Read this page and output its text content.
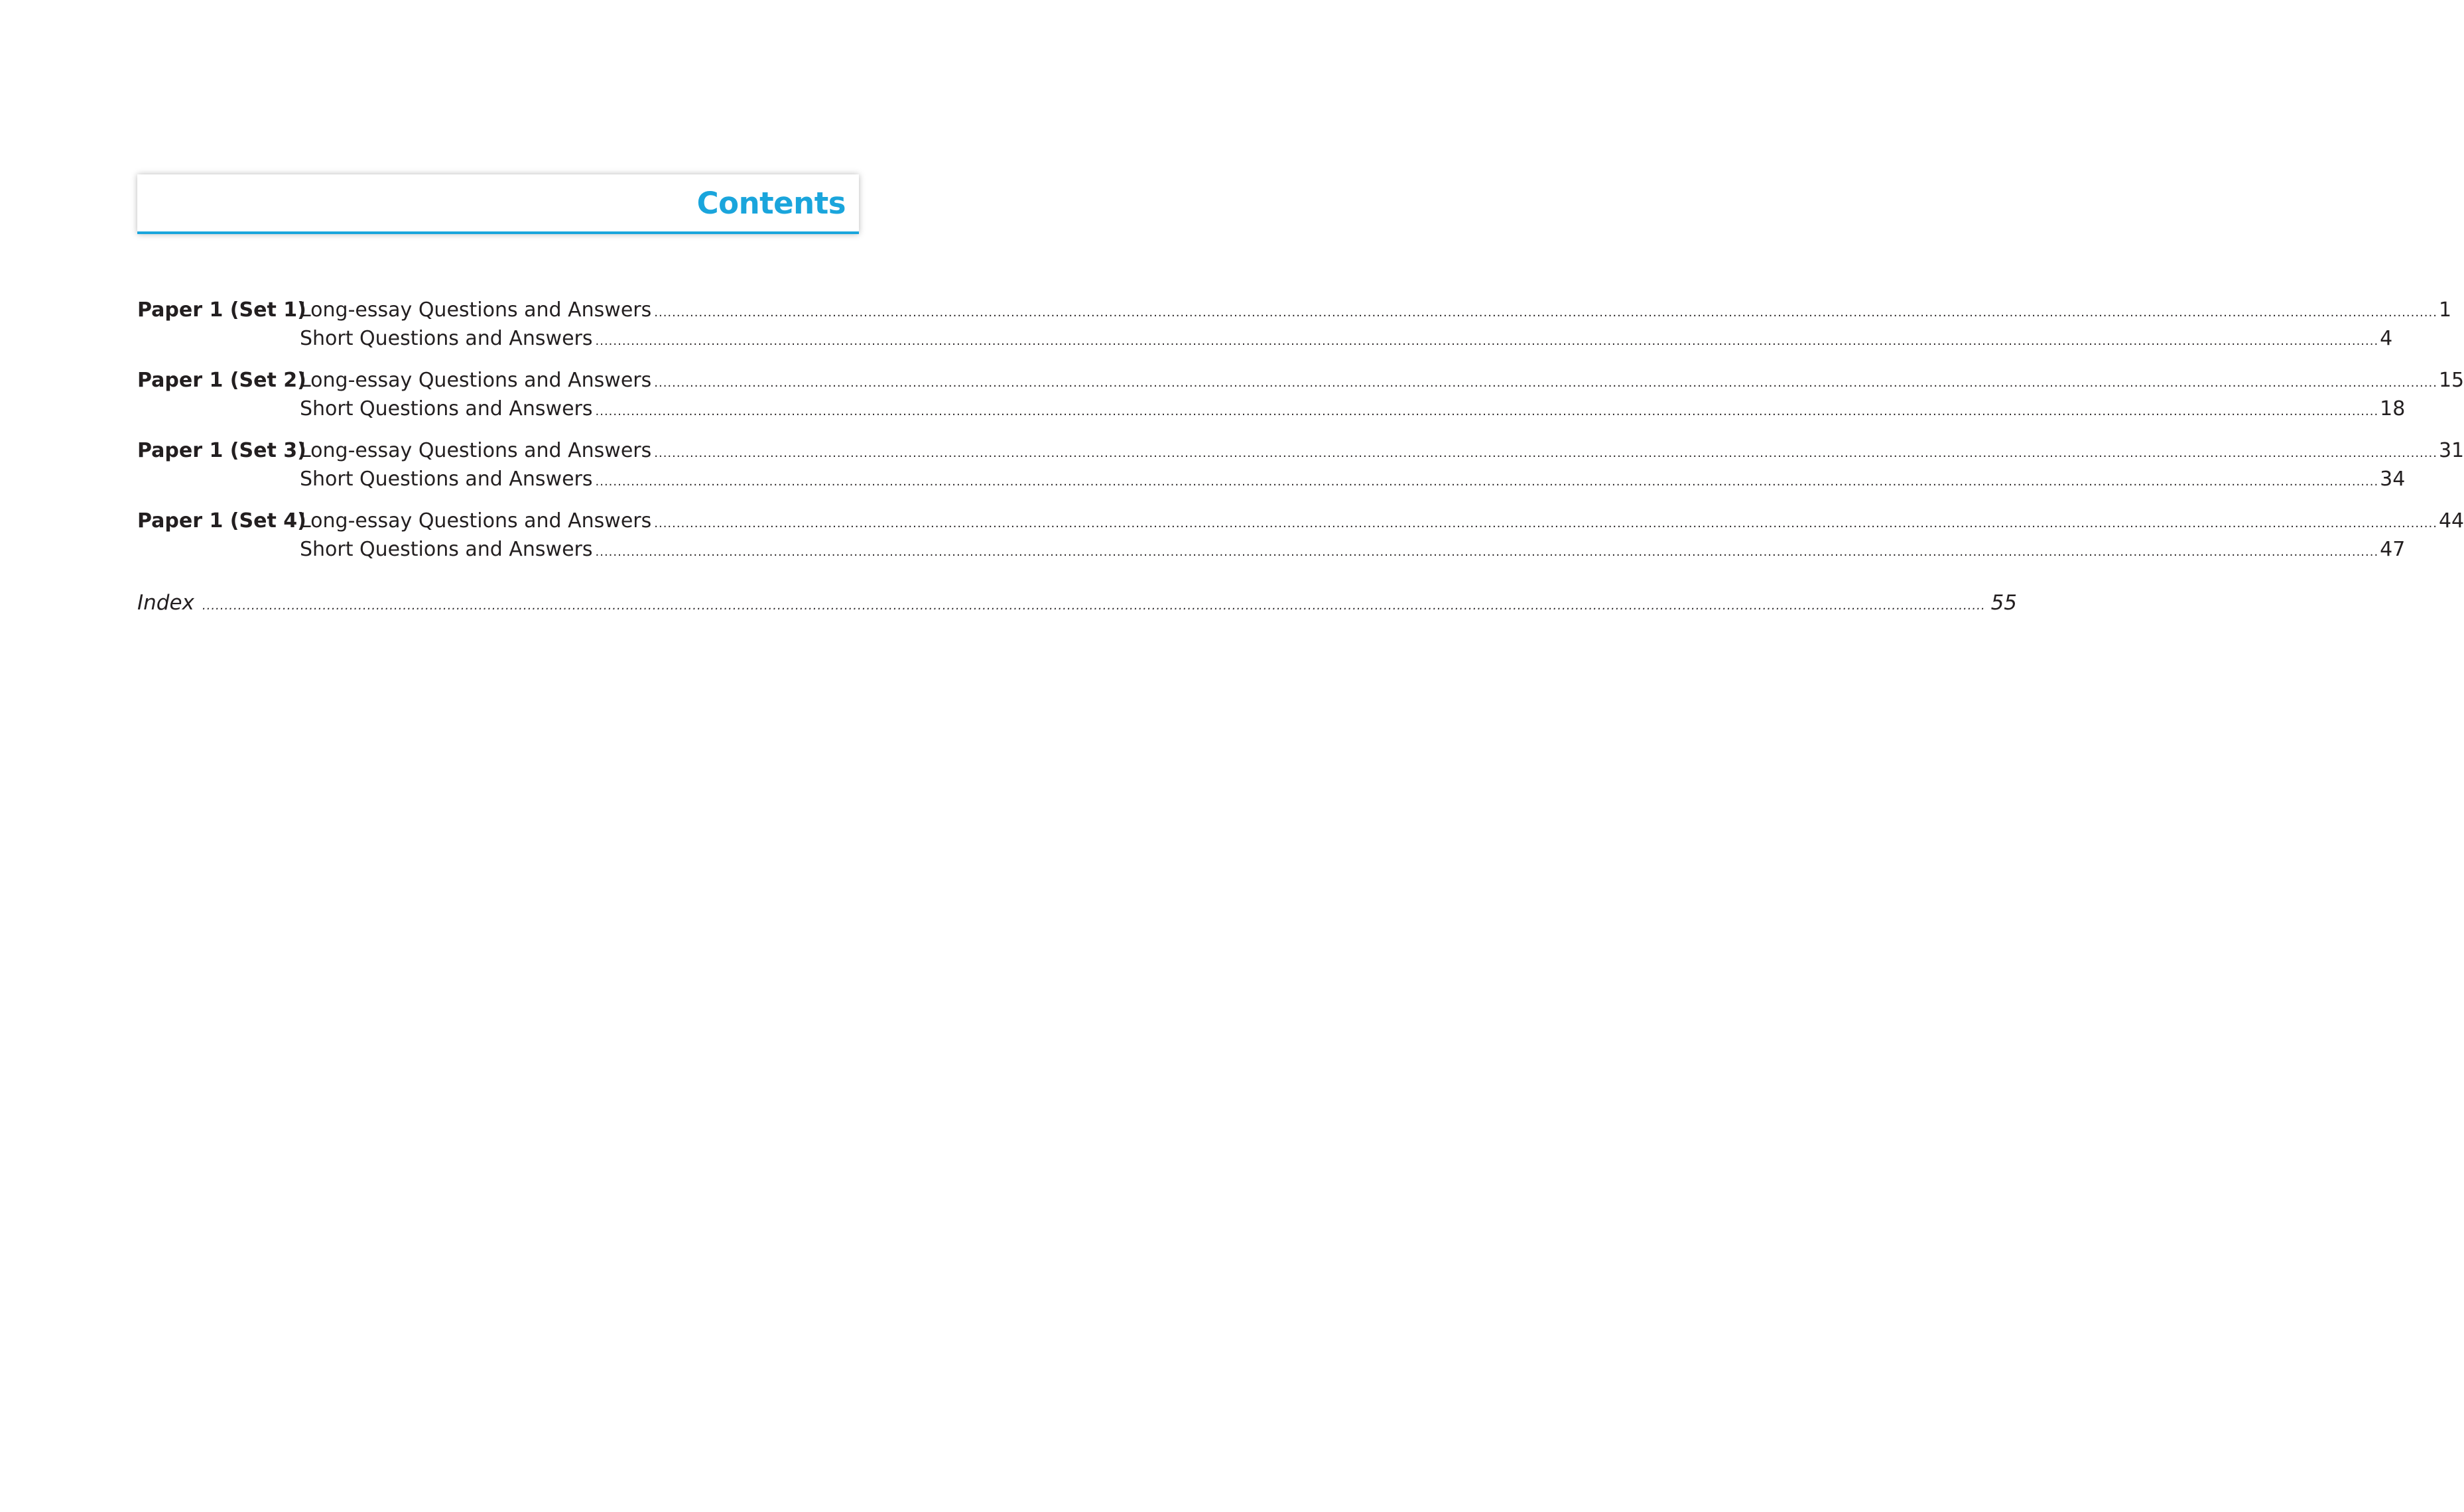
Contents
Paper 1 (Set 1)
Long-essay Questions and Answers ................................................................................................................................................................................................................................................................................................................................................................................................................ 1
Short Questions and Answers ................................................................................................................................................................................................................................................................................................................................................................................................................ 4
Paper 1 (Set 2)
Long-essay Questions and Answers ................................................................................................................................................................................................................................................................................................................................................................................................................ 15
Short Questions and Answers ................................................................................................................................................................................................................................................................................................................................................................................................................ 18
Paper 1 (Set 3)
Long-essay Questions and Answers ................................................................................................................................................................................................................................................................................................................................................................................................................ 31
Short Questions and Answers ................................................................................................................................................................................................................................................................................................................................................................................................................ 34
Paper 1 (Set 4)
Long-essay Questions and Answers ................................................................................................................................................................................................................................................................................................................................................................................................................ 44
Short Questions and Answers ................................................................................................................................................................................................................................................................................................................................................................................................................ 47
Index ................................................................................................................................................................................................................................................................................................................................................................................................................ 55
